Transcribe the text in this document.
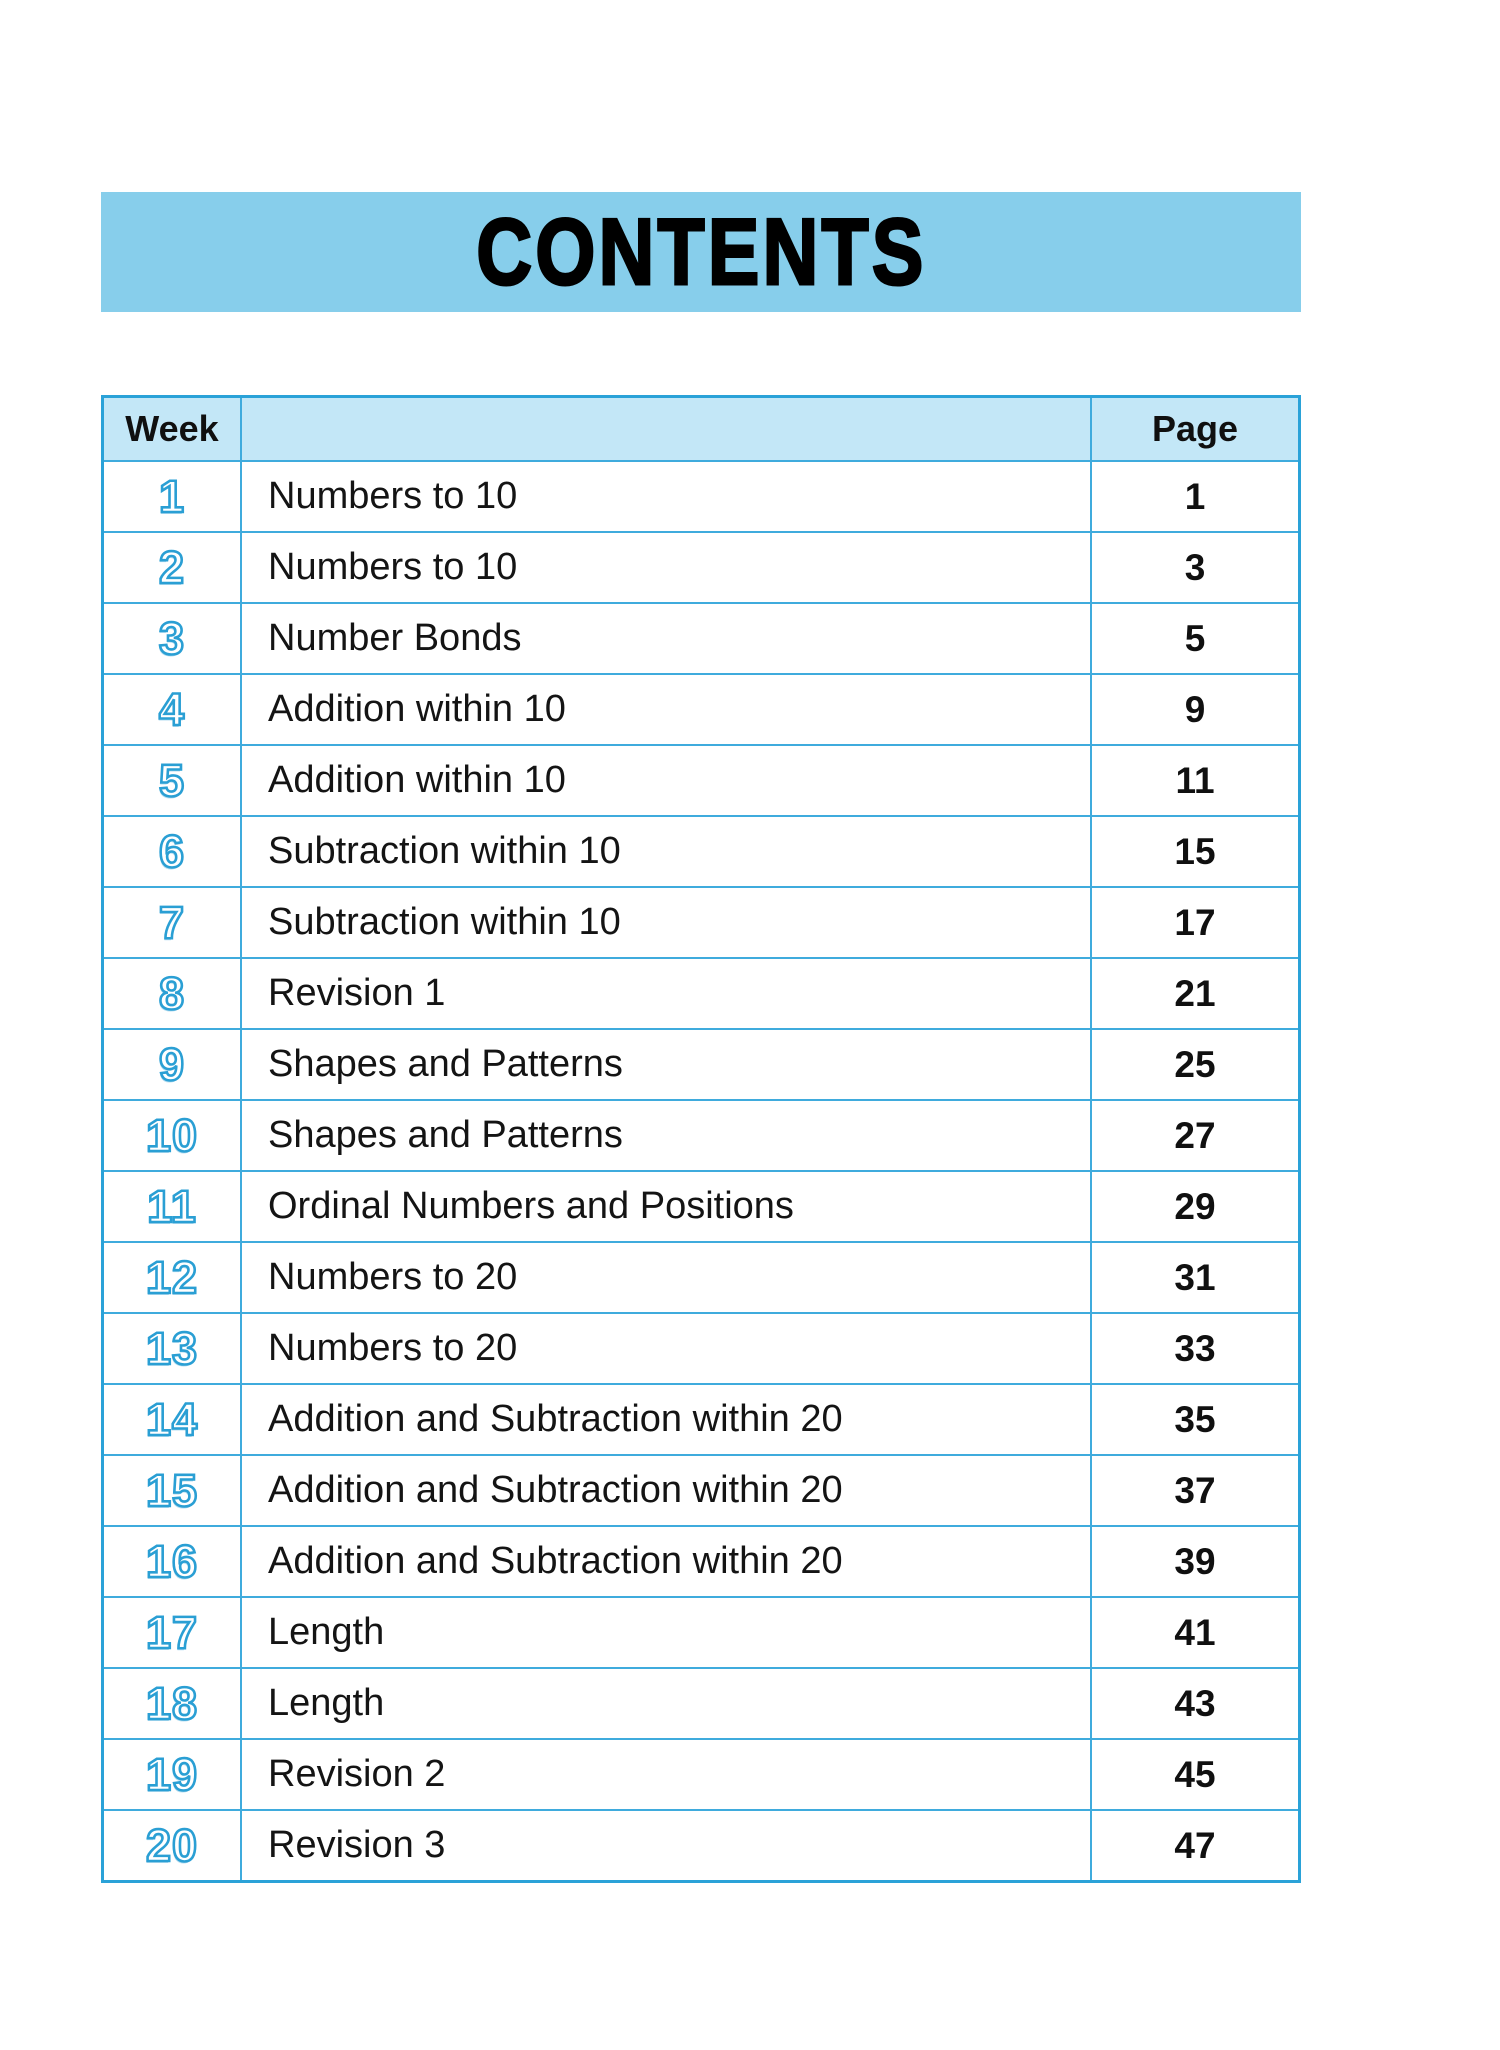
CONTENTS
Week	Page
1 Numbers to 10	1
2 Numbers to 10	3
3 Number Bonds	5
4 Addition within 10	9
5 Addition within 10	11
6 Subtraction within 10	15
7 Subtraction within 10	17
8 Revision 1	21
9 Shapes and Patterns	25
10 Shapes and Patterns	27
11 Ordinal Numbers and Positions	29
12 Numbers to 20	31
13 Numbers to 20	33
14 Addition and Subtraction within 20	35
15 Addition and Subtraction within 20	37
16 Addition and Subtraction within 20	39
17 Length	41
18 Length	43
19 Revision 2	45
20 Revision 3	47
